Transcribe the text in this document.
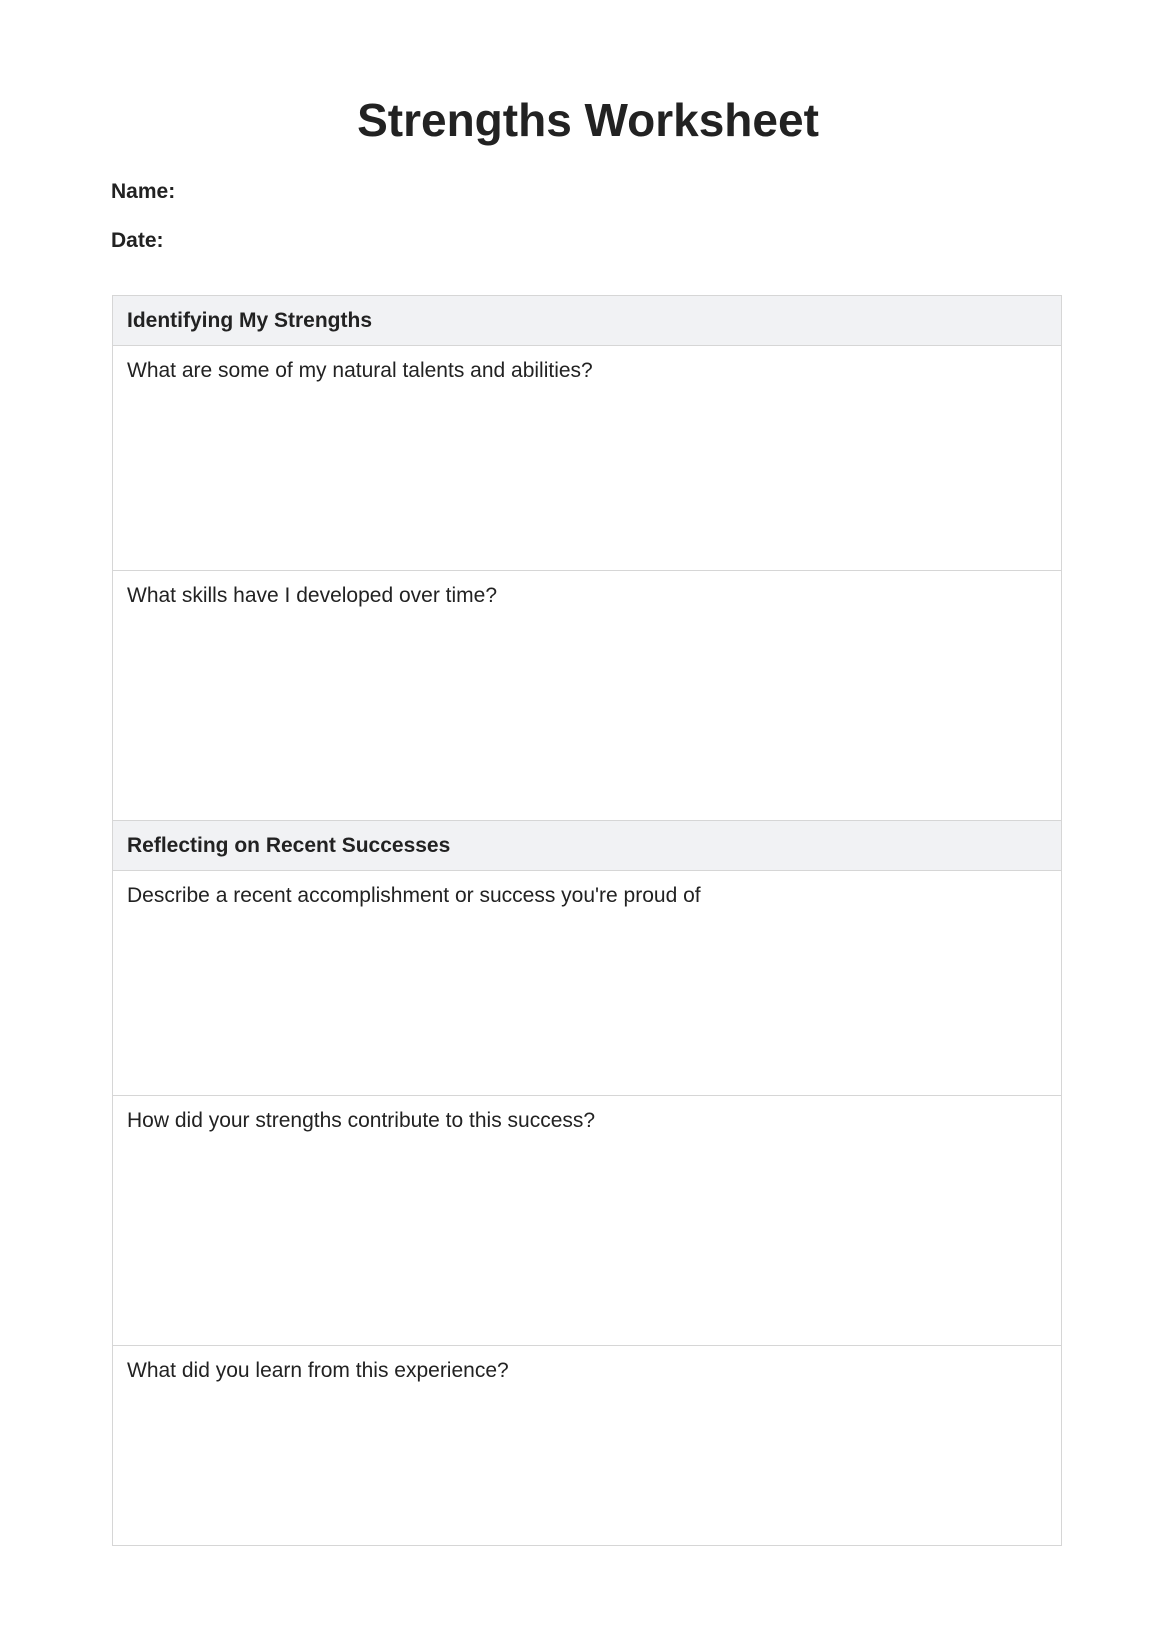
Strengths Worksheet
Name:
Date:
Identifying My Strengths
What are some of my natural talents and abilities?
What skills have I developed over time?
Reflecting on Recent Successes
Describe a recent accomplishment or success you're proud of
How did your strengths contribute to this success?
What did you learn from this experience?
